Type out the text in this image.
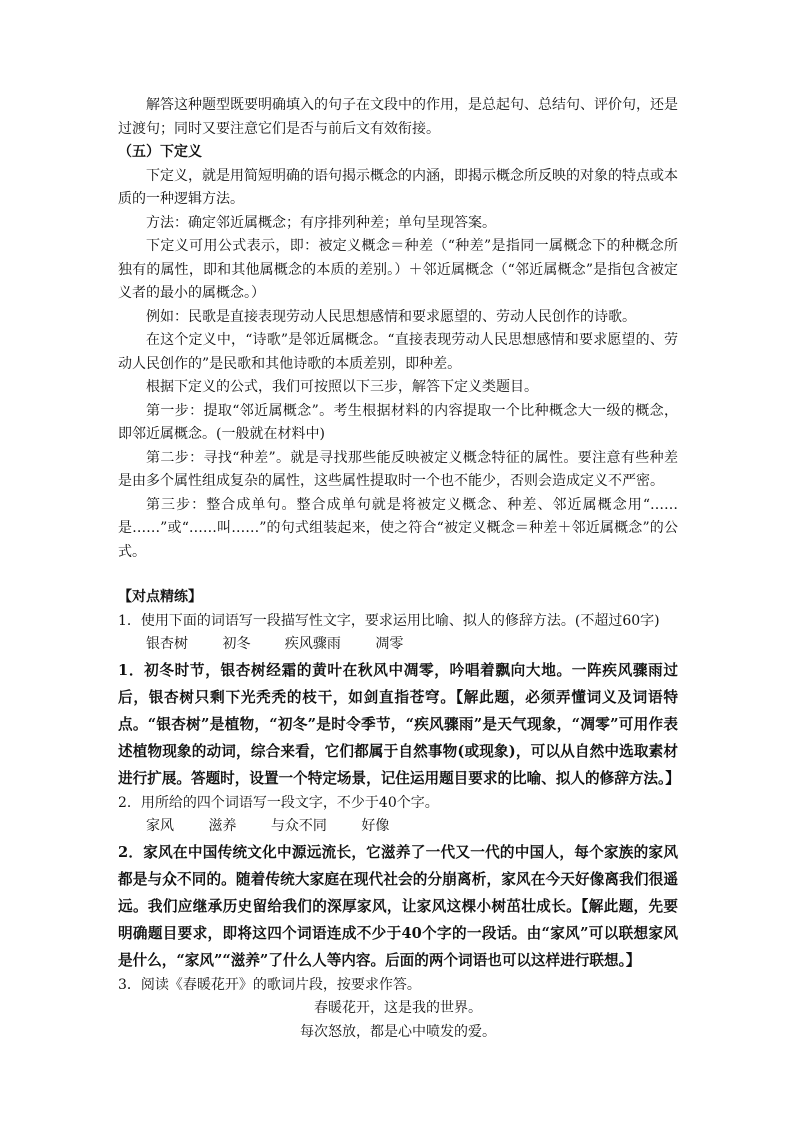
解答这种题型既要明确填入的句子在文段中的作用，是总起句、总结句、评价句，还是过渡句；同时又要注意它们是否与前后文有效衔接。

（五）下定义

下定义，就是用简短明确的语句揭示概念的内涵，即揭示概念所反映的对象的特点或本质的一种逻辑方法。

方法：确定邻近属概念；有序排列种差；单句呈现答案。

下定义可用公式表示，即：被定义概念＝种差（“种差”是指同一属概念下的种概念所独有的属性，即和其他属概念的本质的差别。）＋邻近属概念（“邻近属概念”是指包含被定义者的最小的属概念。）

例如：民歌是直接表现劳动人民思想感情和要求愿望的、劳动人民创作的诗歌。

在这个定义中，“诗歌”是邻近属概念。“直接表现劳动人民思想感情和要求愿望的、劳动人民创作的”是民歌和其他诗歌的本质差别，即种差。

根据下定义的公式，我们可按照以下三步，解答下定义类题目。

第一步：提取“邻近属概念”。考生根据材料的内容提取一个比种概念大一级的概念，即邻近属概念。(一般就在材料中)

第二步：寻找“种差”。就是寻找那些能反映被定义概念特征的属性。要注意有些种差是由多个属性组成复杂的属性，这些属性提取时一个也不能少，否则会造成定义不严密。

第三步：整合成单句。整合成单句就是将被定义概念、种差、邻近属概念用“……是……”或“……叫……”的句式组装起来，使之符合“被定义概念＝种差＋邻近属概念”的公式。

【对点精练】

1．使用下面的词语写一段描写性文字，要求运用比喻、拟人的修辞方法。(不超过60字)

银杏树 初冬 疾风骤雨 凋零

1．初冬时节，银杏树经霜的黄叶在秋风中凋零，吟唱着飘向大地。一阵疾风骤雨过后，银杏树只剩下光秃秃的枝干，如剑直指苍穹。【解此题，必须弄懂词义及词语特点。“银杏树”是植物，“初冬”是时令季节，“疾风骤雨”是天气现象，“凋零”可用作表述植物现象的动词，综合来看，它们都属于自然事物(或现象)，可以从自然中选取素材进行扩展。答题时，设置一个特定场景，记住运用题目要求的比喻、拟人的修辞方法。】

2．用所给的四个词语写一段文字，不少于40个字。

家风 滋养 与众不同 好像

2．家风在中国传统文化中源远流长，它滋养了一代又一代的中国人，每个家族的家风都是与众不同的。随着传统大家庭在现代社会的分崩离析，家风在今天好像离我们很遥远。我们应继承历史留给我们的深厚家风，让家风这棵小树茁壮成长。【解此题，先要明确题目要求，即将这四个词语连成不少于40个字的一段话。由“家风”可以联想家风是什么，“家风”“滋养”了什么人等内容。后面的两个词语也可以这样进行联想。】

3．阅读《春暖花开》的歌词片段，按要求作答。

春暖花开，这是我的世界。

每次怒放，都是心中喷发的爱。
